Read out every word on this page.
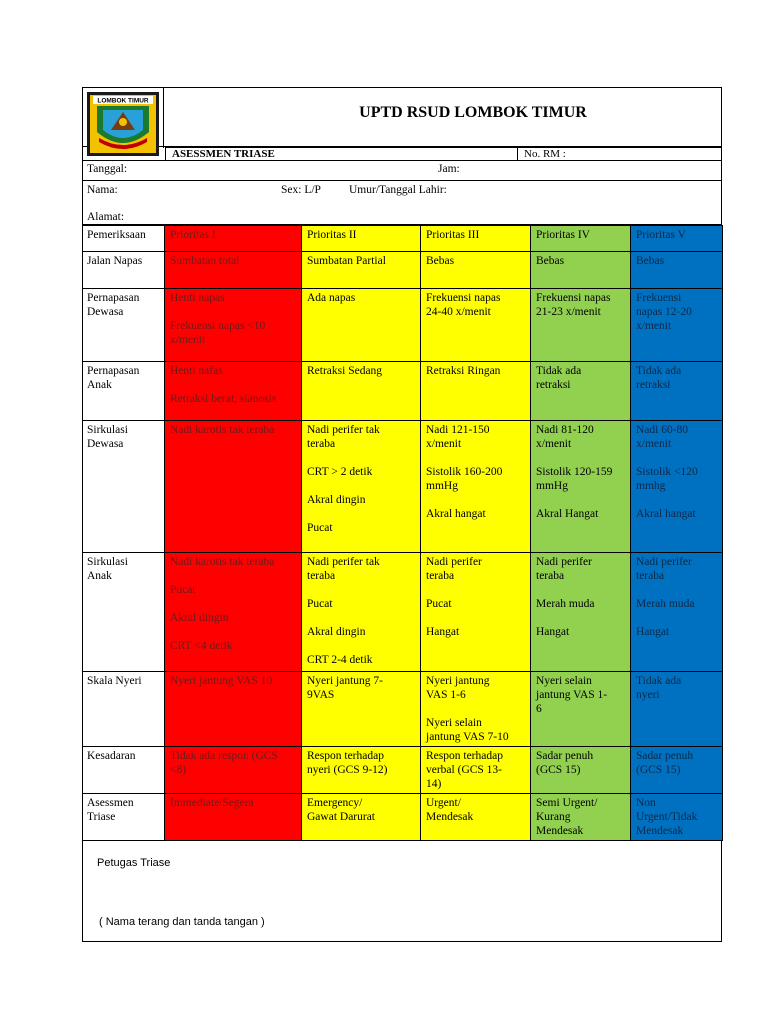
LOMBOK TIMUR
UPTD RSUD LOMBOK TIMUR
ASESSMEN TRIASE	No. RM :
Tanggal:	Jam:
Nama:	Sex: L/P Umur/Tanggal Lahir:
Alamat:
Pemeriksaan	Prioritas I	Prioritas II	Prioritas III	Prioritas IV	Prioritas V

Jalan Napas	Sumbatan total	Sumbatan Partial	Bebas	Bebas	Bebas

Pernapasan
Dewasa	Henti napas
Frekuensi napas <10
x/menit	Ada napas	Frekuensi napas
24-40 x/menit	Frekuensi napas
21-23 x/menit	Frekuensi
napas 12-20
x/menit

Pernapasan
Anak	Henti nafas
Retraksi berat, sianosis	Retraksi Sedang	Retraksi Ringan	Tidak ada
retraksi	Tidak ada
retraksi

Sirkulasi
Dewasa	Nadi karotis tak teraba	Nadi perifer tak
teraba
CRT > 2 detik
Akral dingin
Pucat	Nadi 121-150
x/menit
Sistolik 160-200
mmHg
Akral hangat	Nadi 81-120
x/menit
Sistolik 120-159
mmHg
Akral Hangat	Nadi 60-80
x/menit
Sistolik <120
mmhg
Akral hangat

Sirkulasi
Anak	Nadi karotis tak teraba
Pucat
Akral dingin
CRT <4 detik	Nadi perifer tak
teraba
Pucat
Akral dingin
CRT 2-4 detik	Nadi perifer
teraba
Pucat
Hangat	Nadi perifer
teraba
Merah muda
Hangat	Nadi perifer
teraba
Merah muda
Hangat

Skala Nyeri	Nyeri jantung VAS 10	Nyeri jantung 7-
9VAS	Nyeri jantung
VAS 1-6
Nyeri selain
jantung VAS 7-10	Nyeri selain
jantung VAS 1-
6	Tidak ada
nyeri

Kesadaran	Tidak ada respon (GCS
<8)	Respon terhadap
nyeri (GCS 9-12)	Respon terhadap
verbal (GCS 13-
14)	Sadar penuh
(GCS 15)	Sadar penuh
(GCS 15)

Asessmen
Triase	Immediate/Segera	Emergency/
Gawat Darurat	Urgent/
Mendesak	Semi Urgent/
Kurang
Mendesak	Non
Urgent/Tidak
Mendesak
Petugas Triase
( Nama terang dan tanda tangan )
